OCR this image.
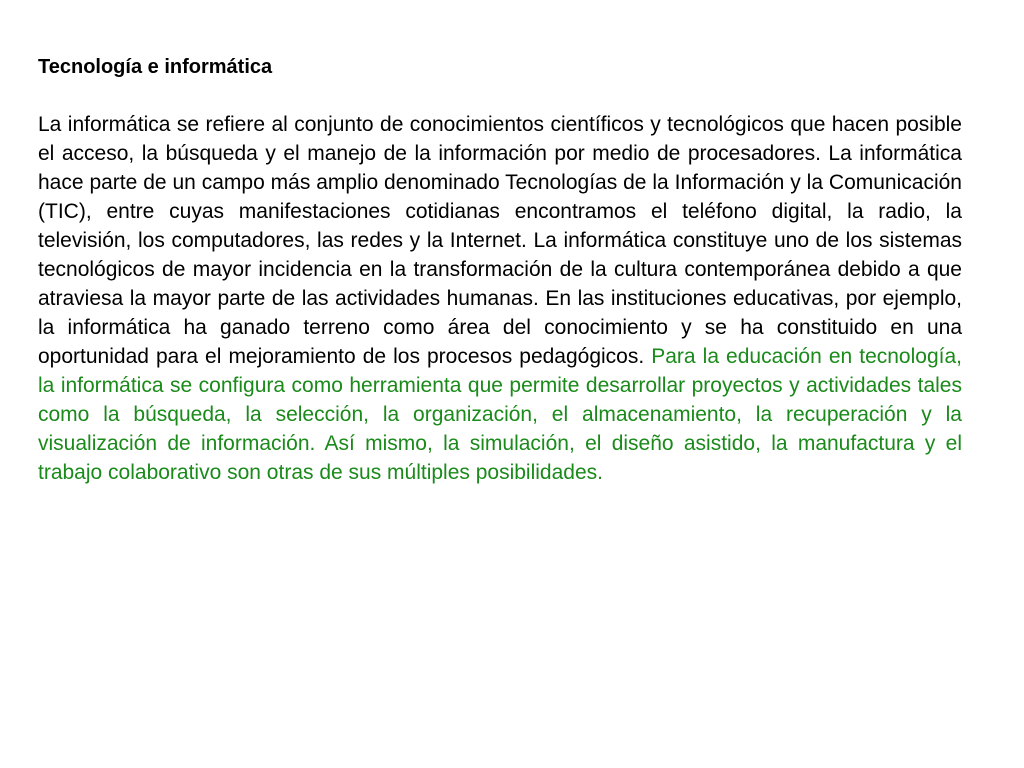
Tecnología e informática

La informática se refiere al conjunto de conocimientos científicos y tecnológicos que hacen posible el acceso, la búsqueda y el manejo de la información por medio de procesadores. La informática hace parte de un campo más amplio denominado Tecnologías de la Información y la Comunicación (TIC), entre cuyas manifestaciones cotidianas encontramos el teléfono digital, la radio, la televisión, los computadores, las redes y la Internet. La informática constituye uno de los sistemas tecnológicos de mayor incidencia en la transformación de la cultura contemporánea debido a que atraviesa la mayor parte de las actividades humanas. En las instituciones educativas, por ejemplo, la informática ha ganado terreno como área del conocimiento y se ha constituido en una oportunidad para el mejoramiento de los procesos pedagógicos. Para la educación en tecnología, la informática se configura como herramienta que permite desarrollar proyectos y actividades tales como la búsqueda, la selección, la organización, el almacenamiento, la recuperación y la visualización de información. Así mismo, la simulación, el diseño asistido, la manufactura y el trabajo colaborativo son otras de sus múltiples posibilidades.
